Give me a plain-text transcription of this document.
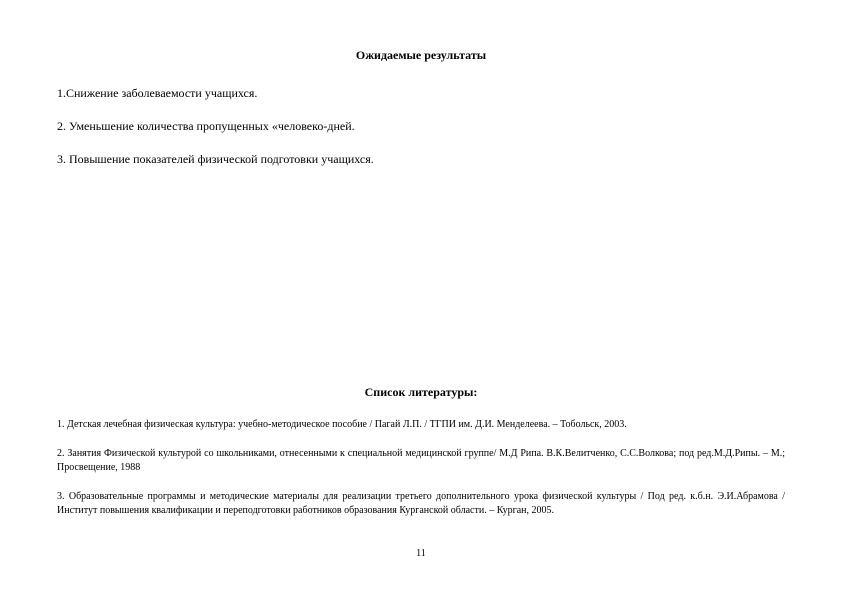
Ожидаемые результаты
1.Снижение заболеваемости учащихся.
2. Уменьшение количества пропущенных «человеко-дней.
3. Повышение показателей физической подготовки учащихся.
Список литературы:
1. Детская лечебная физическая культура: учебно-методическое пособие / Пагай Л.П. / ТГПИ им. Д.И. Менделеева. – Тобольск, 2003.
2. Занятия Физической культурой со школьниками, отнесенными к специальной медицинской группе/ М.Д Рипа. В.К.Велитченко, С.С.Волкова; под ред.М.Д.Рипы. – М.; Просвещение, 1988
3. Образовательные программы и методические материалы для реализации третьего дополнительного урока физической культуры / Под ред. к.б.н. Э.И.Абрамова / Институт повышения квалификации и переподготовки работников образования Курганской области. – Курган, 2005.
11
